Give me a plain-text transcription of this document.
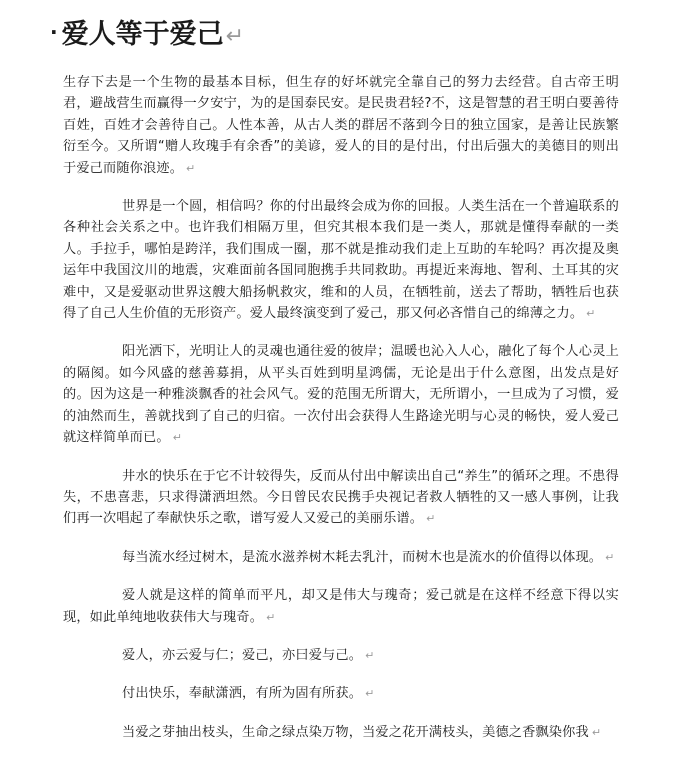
· 爱人等于爱己↵

生存下去是一个生物的最基本目标，但生存的好坏就完全靠自己的努力去经营。自古帝王明君，避战营生而赢得一夕安宁，为的是国泰民安。是民贵君轻?不，这是智慧的君王明白要善待百姓，百姓才会善待自己。人性本善，从古人类的群居不落到今日的独立国家，是善让民族繁衍至今。又所谓“赠人玫瑰手有余香”的美谚，爱人的目的是付出，付出后强大的美德目的则出于爱己而随你浪迹。 ↵

世界是一个圆，相信吗？你的付出最终会成为你的回报。人类生活在一个普遍联系的各种社会关系之中。也许我们相隔万里，但究其根本我们是一类人，那就是懂得奉献的一类人。手拉手，哪怕是跨洋，我们围成一圈，那不就是推动我们走上互助的车轮吗？再次提及奥运年中我国汶川的地震，灾难面前各国同胞携手共同救助。再提近来海地、智利、土耳其的灾难中，又是爱驱动世界这艘大船扬帆救灾，维和的人员，在牺牲前，送去了帮助，牺牲后也获得了自己人生价值的无形资产。爱人最终演变到了爱己，那又何必吝惜自己的绵薄之力。 ↵

阳光洒下，光明让人的灵魂也通往爱的彼岸；温暖也沁入人心，融化了每个人心灵上的隔阂。如今风盛的慈善募捐，从平头百姓到明星鸿儒，无论是出于什么意图，出发点是好的。因为这是一种雅淡飘香的社会风气。爱的范围无所谓大，无所谓小，一旦成为了习惯，爱的油然而生，善就找到了自己的归宿。一次付出会获得人生路途光明与心灵的畅快，爱人爱己就这样简单而已。 ↵

井水的快乐在于它不计较得失，反而从付出中解读出自己“养生”的循环之理。不患得失，不患喜悲，只求得潇洒坦然。今日曾民农民携手央视记者救人牺牲的又一感人事例，让我们再一次唱起了奉献快乐之歌，谱写爱人又爱己的美丽乐谱。 ↵

每当流水经过树木，是流水滋养树木耗去乳汁，而树木也是流水的价值得以体现。 ↵

爱人就是这样的简单而平凡，却又是伟大与瑰奇；爱己就是在这样不经意下得以实现，如此单纯地收获伟大与瑰奇。 ↵

爱人，亦云爱与仁；爱己，亦曰爱与己。 ↵

付出快乐，奉献潇洒，有所为固有所获。 ↵

当爱之芽抽出枝头，生命之绿点染万物，当爱之花开满枝头，美德之香飘染你我 ↵
